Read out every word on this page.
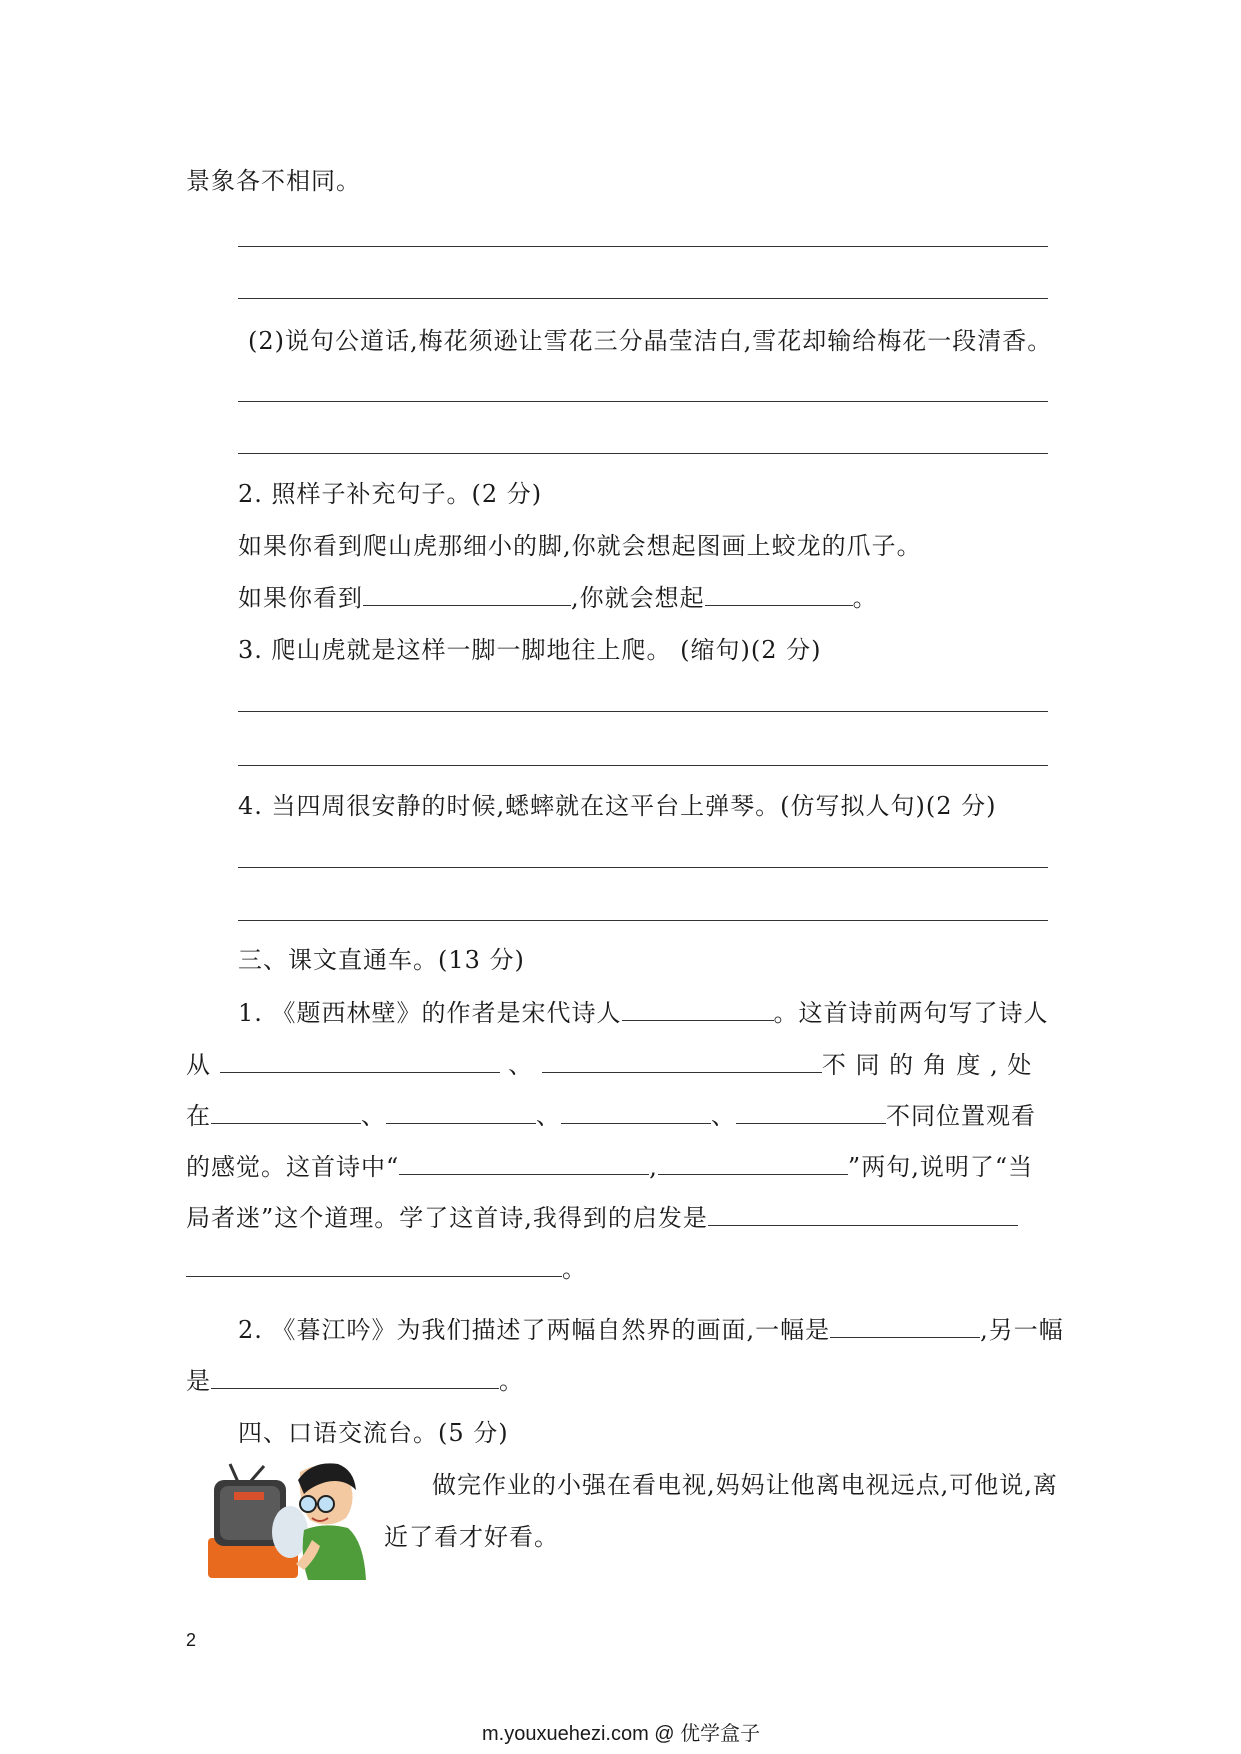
景象各不相同。
(2)说句公道话,梅花须逊让雪花三分晶莹洁白,雪花却输给梅花一段清香。
2. 照样子补充句子。(2 分)
如果你看到爬山虎那细小的脚,你就会想起图画上蛟龙的爪子。
如果你看到	,你就会想起	。
3. 爬山虎就是这样一脚一脚地往上爬。 (缩句)(2 分)
4. 当四周很安静的时候,蟋蟀就在这平台上弹琴。(仿写拟人句)(2 分)
三、课文直通车。(13 分)
1. 《题西林壁》的作者是宋代诗人	。这首诗前两句写了诗人
从	、	不 同 的 角 度 , 处
在	、	、	、	不同位置观看
的感觉。这首诗中“	,	”两句,说明了“当
局者迷”这个道理。学了这首诗,我得到的启发是
。
2. 《暮江吟》为我们描述了两幅自然界的画面,一幅是	,另一幅
是	。
四、口语交流台。(5 分)
做完作业的小强在看电视,妈妈让他离电视远点,可他说,离
近了看才好看。
2
m.youxuehezi.com @ 优学盒子
